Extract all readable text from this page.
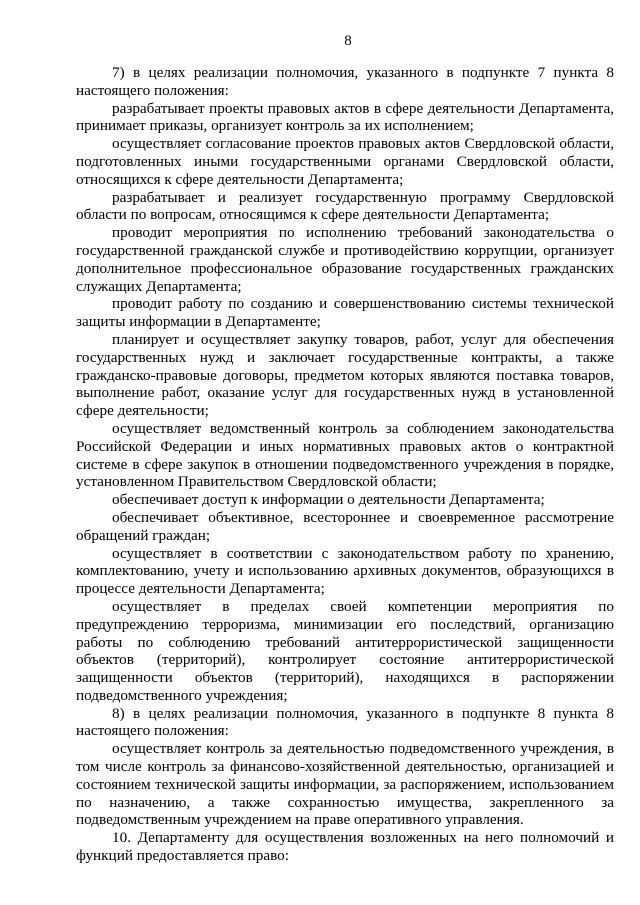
8

7) в целях реализации полномочия, указанного в подпункте 7 пункта 8 настоящего положения:

разрабатывает проекты правовых актов в сфере деятельности Департамента, принимает приказы, организует контроль за их исполнением;

осуществляет согласование проектов правовых актов Свердловской области, подготовленных иными государственными органами Свердловской области, относящихся к сфере деятельности Департамента;

разрабатывает и реализует государственную программу Свердловской области по вопросам, относящимся к сфере деятельности Департамента;

проводит мероприятия по исполнению требований законодательства о государственной гражданской службе и противодействию коррупции, организует дополнительное профессиональное образование государственных гражданских служащих Департамента;

проводит работу по созданию и совершенствованию системы технической защиты информации в Департаменте;

планирует и осуществляет закупку товаров, работ, услуг для обеспечения государственных нужд и заключает государственные контракты, а также гражданско-правовые договоры, предметом которых являются поставка товаров, выполнение работ, оказание услуг для государственных нужд в установленной сфере деятельности;

осуществляет ведомственный контроль за соблюдением законодательства Российской Федерации и иных нормативных правовых актов о контрактной системе в сфере закупок в отношении подведомственного учреждения в порядке, установленном Правительством Свердловской области;

обеспечивает доступ к информации о деятельности Департамента;

обеспечивает объективное, всестороннее и своевременное рассмотрение обращений граждан;

осуществляет в соответствии с законодательством работу по хранению, комплектованию, учету и использованию архивных документов, образующихся в процессе деятельности Департамента;

осуществляет в пределах своей компетенции мероприятия по предупреждению терроризма, минимизации его последствий, организацию работы по соблюдению требований антитеррористической защищенности объектов (территорий), контролирует состояние антитеррористической защищенности объектов (территорий), находящихся в распоряжении подведомственного учреждения;

8) в целях реализации полномочия, указанного в подпункте 8 пункта 8 настоящего положения:

осуществляет контроль за деятельностью подведомственного учреждения, в том числе контроль за финансово-хозяйственной деятельностью, организацией и состоянием технической защиты информации, за распоряжением, использованием по назначению, а также сохранностью имущества, закрепленного за подведомственным учреждением на праве оперативного управления.

10. Департаменту для осуществления возложенных на него полномочий и функций предоставляется право:
